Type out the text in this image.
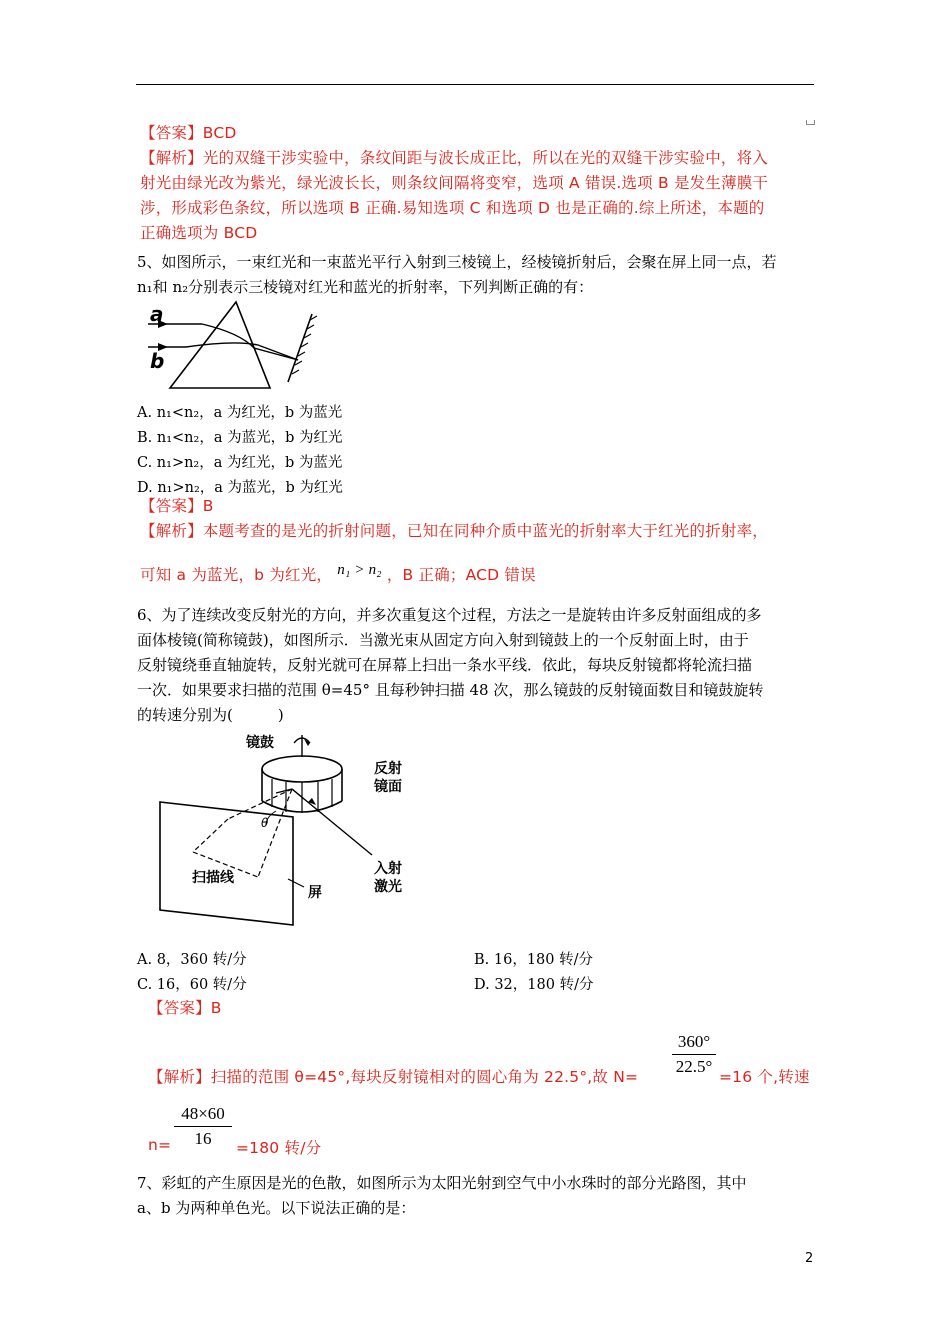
【答案】BCD
【解析】光的双缝干涉实验中，条纹间距与波长成正比，所以在光的双缝干涉实验中，将入
射光由绿光改为紫光，绿光波长长，则条纹间隔将变窄，选项 A 错误.选项 B 是发生薄膜干
涉，形成彩色条纹，所以选项 B 正确.易知选项 C 和选项 D 也是正确的.综上所述，本题的
正确选项为 BCD
5、如图所示，一束红光和一束蓝光平行入射到三棱镜上，经棱镜折射后，会聚在屏上同一点，若
n₁和 n₂分别表示三棱镜对红光和蓝光的折射率，下列判断正确的有：
a
b
A. n₁<n₂，a 为红光，b 为蓝光
B. n₁<n₂，a 为蓝光，b 为红光
C. n₁>n₂，a 为红光，b 为蓝光
D. n₁>n₂，a 为蓝光，b 为红光
【答案】B
【解析】本题考查的是光的折射问题，已知在同种介质中蓝光的折射率大于红光的折射率，
可知 a 为蓝光，b 为红光， n₁ > n₂ ，B 正确；ACD 错误
6、为了连续改变反射光的方向，并多次重复这个过程，方法之一是旋转由许多反射面组成的多
面体棱镜(简称镜鼓)，如图所示．当激光束从固定方向入射到镜鼓上的一个反射面上时，由于
反射镜绕垂直轴旋转，反射光就可在屏幕上扫出一条水平线．依此，每块反射镜都将轮流扫描
一次．如果要求扫描的范围 θ=45° 且每秒钟扫描 48 次，那么镜鼓的反射镜面数目和镜鼓旋转
的转速分别为(　　　)
镜鼓
反射
镜面
θ
扫描线
屏
入射
激光
A. 8，360 转/分	B. 16，180 转/分
C. 16，60 转/分	D. 32，180 转/分
【答案】B
【解析】扫描的范围 θ=45°,每块反射镜相对的圆心角为 22.5°,故 N=
360°
22.5°
=16 个,转速
n=
48×60
16	=180 转/分
7、彩虹的产生原因是光的色散，如图所示为太阳光射到空气中小水珠时的部分光路图，其中
a、b 为两种单色光。以下说法正确的是：
2
